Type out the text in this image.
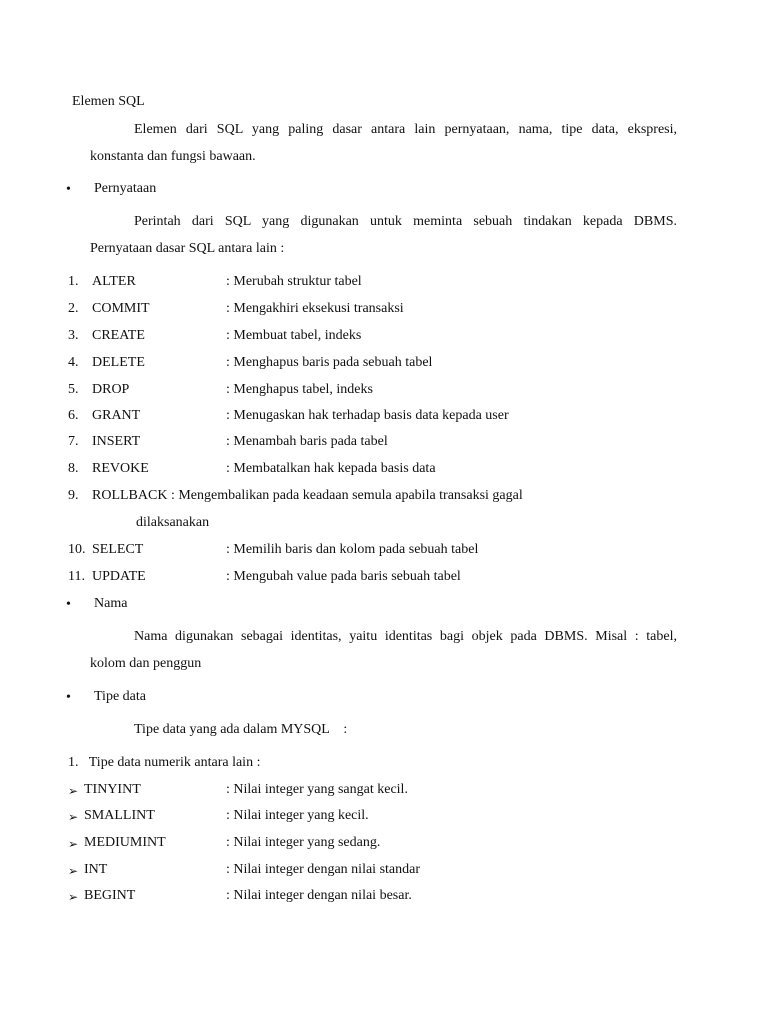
Elemen SQL
Elemen dari SQL yang paling dasar antara lain pernyataan, nama, tipe data, ekspresi,
konstanta dan fungsi bawaan.
• Pernyataan
Perintah dari SQL yang digunakan untuk meminta sebuah tindakan kepada DBMS.
Pernyataan dasar SQL antara lain :
1. ALTER	: Merubah struktur tabel
2. COMMIT	: Mengakhiri eksekusi transaksi
3. CREATE	: Membuat tabel, indeks
4. DELETE	: Menghapus baris pada sebuah tabel
5. DROP	: Menghapus tabel, indeks
6. GRANT	: Menugaskan hak terhadap basis data kepada user
7. INSERT	: Menambah baris pada tabel
8. REVOKE	: Membatalkan hak kepada basis data
9. ROLLBACK : Mengembalikan pada keadaan semula apabila transaksi gagal
dilaksanakan
10. SELECT	: Memilih baris dan kolom pada sebuah tabel
11. UPDATE	: Mengubah value pada baris sebuah tabel
• Nama
Nama digunakan sebagai identitas, yaitu identitas bagi objek pada DBMS. Misal : tabel,
kolom dan penggun
• Tipe data
Tipe data yang ada dalam MYSQL    :
1.   Tipe data numerik antara lain :
➢ TINYINT	: Nilai integer yang sangat kecil.
➢ SMALLINT	: Nilai integer yang kecil.
➢ MEDIUMINT	: Nilai integer yang sedang.
➢ INT	: Nilai integer dengan nilai standar
➢ BEGINT	: Nilai integer dengan nilai besar.
